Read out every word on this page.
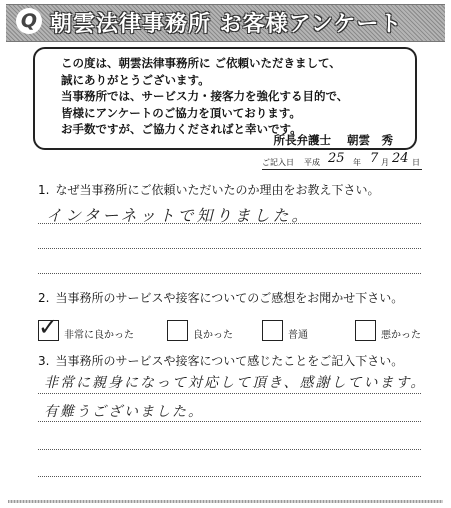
Q 朝雲法律事務所 お客様アンケート
この度は、朝雲法律事務所に ご依頼いただきまして、
誠にありがとうございます。
当事務所では、サービス力・接客力を強化する目的で、
皆様にアンケートのご協力を頂いております。
お手数ですが、ご協力くださればと幸いです。
所長弁護士 朝雲　秀
ご記入日 平成 25 年 7 月 24 日
1. なぜ当事務所にご依頼いただいたのか理由をお教え下さい。
インターネットで知りました。
2. 当事務所のサービスや接客についてのご感想をお聞かせ下さい。
✓ 非常に良かった	良かった	普通	悪かった
3. 当事務所のサービスや接客について感じたことをご記入下さい。
非常に親身になって対応して頂き、感謝しています。
有難うございました。
